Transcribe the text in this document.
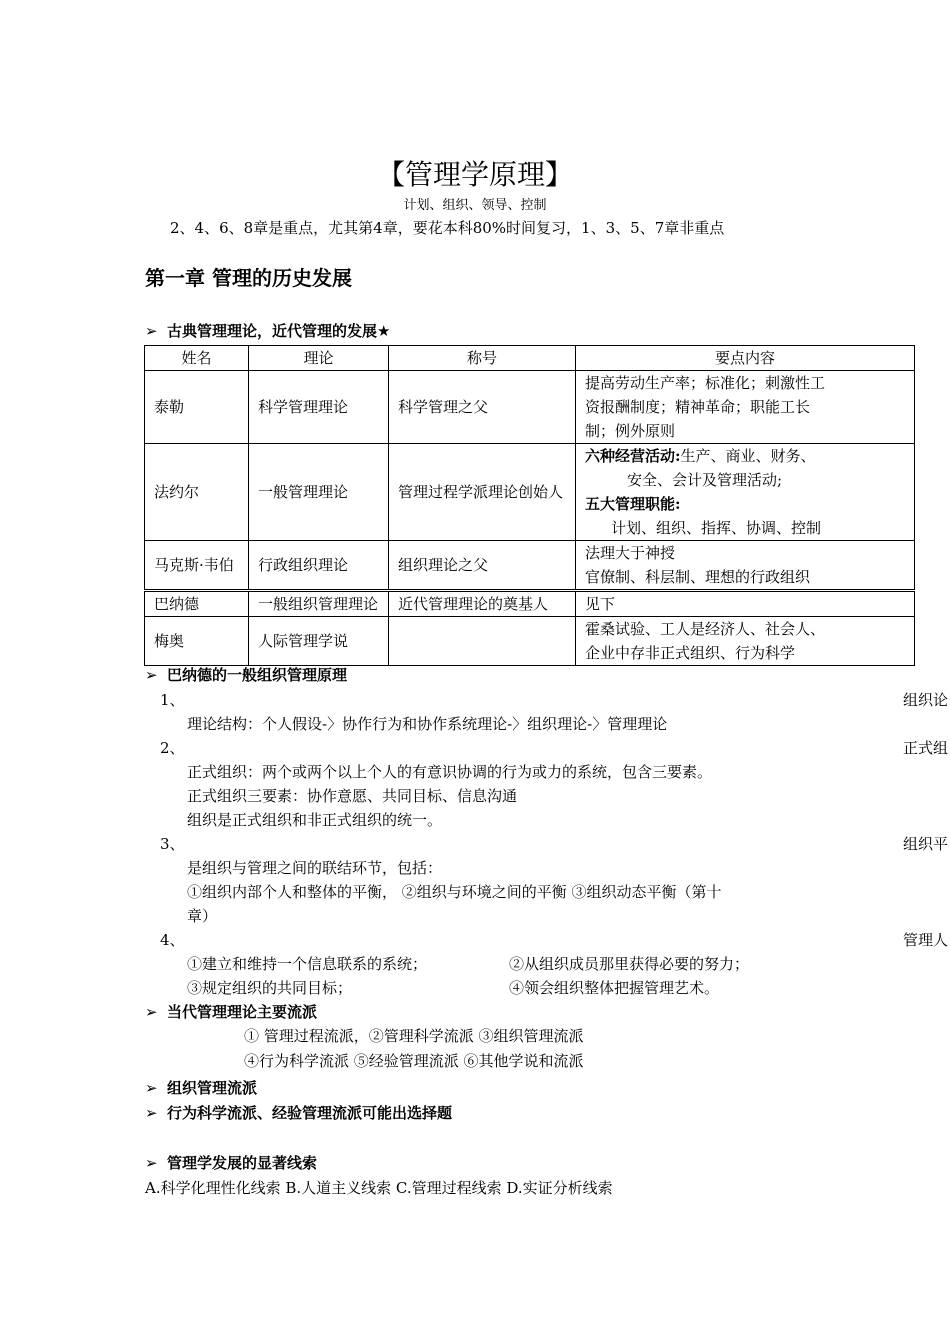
【管理学原理】
计划、组织、领导、控制
2、4、6、8章是重点，尤其第4章，要花本科80%时间复习，1、3、5、7章非重点
第一章 管理的历史发展
➢ 古典管理理论，近代管理的发展★
姓名	理论	称号	要点内容
泰勒	科学管理理论	科学管理之父	提高劳动生产率；标准化；刺激性工
资报酬制度；精神革命；职能工长
制；例外原则

法约尔	一般管理理论	管理过程学派理论创始人	六种经营活动:生产、商业、财务、
安全、会计及管理活动;
五大管理职能:
计划、组织、指挥、协调、控制

马克斯·韦伯	行政组织理论	组织理论之父	法理大于神授
官僚制、科层制、理想的行政组织

巴纳德	一般组织管理理论	近代管理理论的奠基人	见下
梅奥	人际管理学说		霍桑试验、工人是经济人、社会人、
企业中存非正式组织、行为科学
➢ 巴纳德的一般组织管理原理
1、	组织论
理论结构：个人假设-〉协作行为和协作系统理论-〉组织理论-〉管理理论
2、	正式组
正式组织：两个或两个以上个人的有意识协调的行为或力的系统，包含三要素。
正式组织三要素：协作意愿、共同目标、信息沟通
组织是正式组织和非正式组织的统一。
3、	组织平
是组织与管理之间的联结环节，包括：
①组织内部个人和整体的平衡， ②组织与环境之间的平衡 ③组织动态平衡（第十
章）
4、	管理人
①建立和维持一个信息联系的系统；	②从组织成员那里获得必要的努力；
③规定组织的共同目标；	④领会组织整体把握管理艺术。
➢ 当代管理理论主要流派
① 管理过程流派，②管理科学流派 ③组织管理流派
④行为科学流派 ⑤经验管理流派 ⑥其他学说和流派
➢ 组织管理流派
➢ 行为科学流派、经验管理流派可能出选择题
➢ 管理学发展的显著线索
A.科学化理性化线索 B.人道主义线索 C.管理过程线索 D.实证分析线索
